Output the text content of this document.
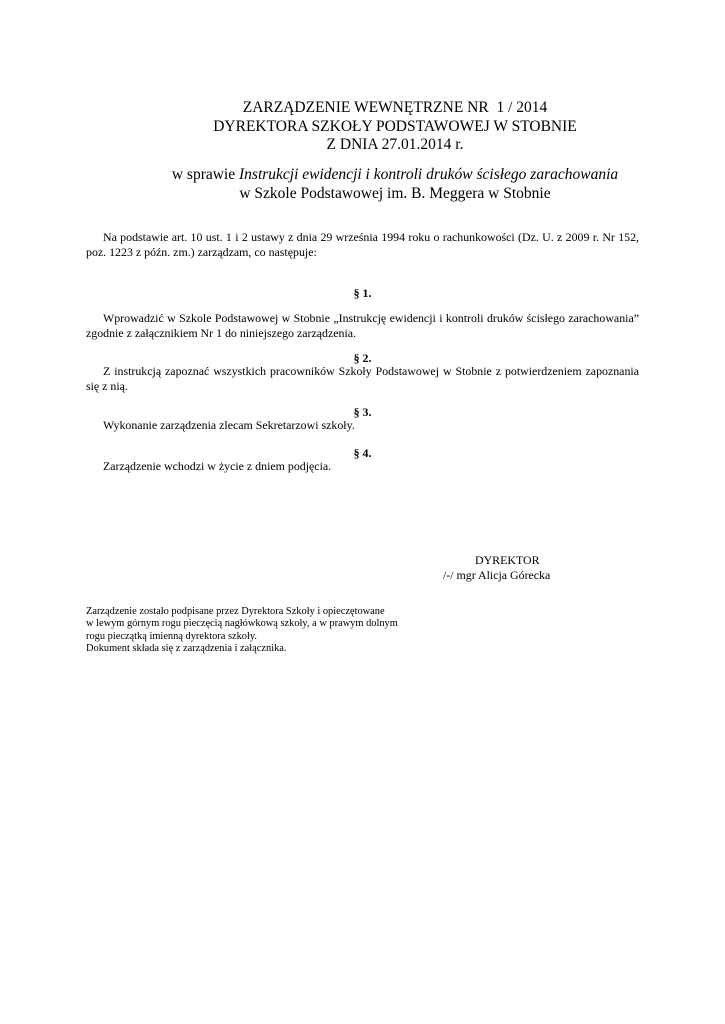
ZARZĄDZENIE WEWNĘTRZNE NR  1 / 2014
DYREKTORA SZKOŁY PODSTAWOWEJ W STOBNIE
Z DNIA 27.01.2014 r.
w sprawie Instrukcji ewidencji i kontroli druków ścisłego zarachowania
w Szkole Podstawowej im. B. Meggera w Stobnie
Na podstawie art. 10 ust. 1 i 2 ustawy z dnia 29 września 1994 roku o rachunkowości (Dz. U. z 2009 r. Nr 152, poz. 1223 z późn. zm.) zarządzam, co następuje:
§ 1.
Wprowadzić w Szkole Podstawowej w Stobnie „Instrukcję ewidencji i kontroli druków ścisłego zarachowania” zgodnie z załącznikiem Nr 1 do niniejszego zarządzenia.
§ 2.
Z instrukcją zapoznać wszystkich pracowników Szkoły Podstawowej w Stobnie z potwierdzeniem zapoznania się z nią.
§ 3.
Wykonanie zarządzenia zlecam Sekretarzowi szkoły.
§ 4.
Zarządzenie wchodzi w życie z dniem podjęcia.
DYREKTOR
/-/ mgr Alicja Górecka
Zarządzenie zostało podpisane przez Dyrektora Szkoły i opieczętowane
w lewym górnym rogu pieczęcią nagłówkową szkoły, a w prawym dolnym
rogu pieczątką imienną dyrektora szkoły.
Dokument składa się z zarządzenia i załącznika.
